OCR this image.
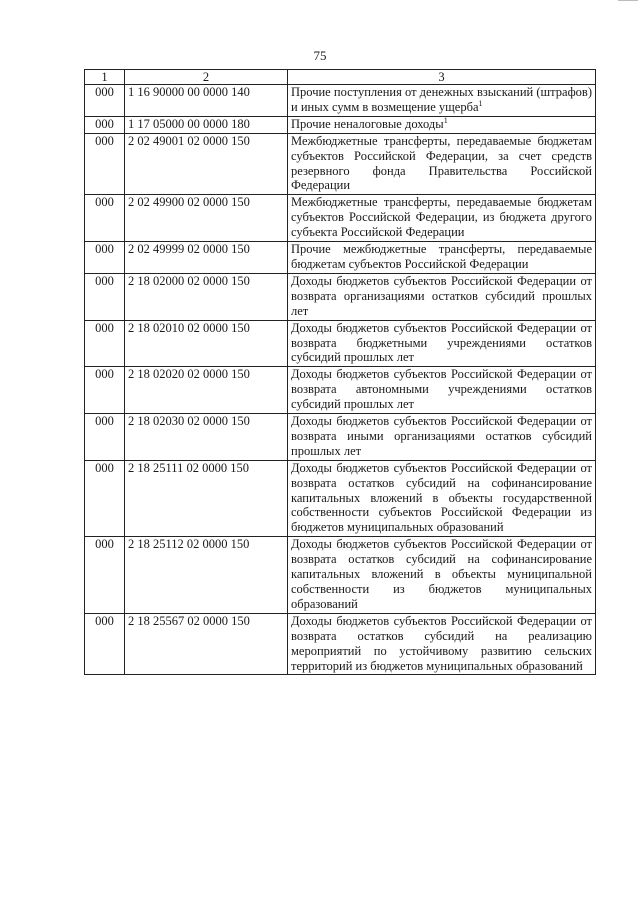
75
1	2	3
000	1 16 90000 00 0000 140	Прочие поступления от денежных взысканий (штрафов) и иных сумм в возмещение ущерба$^1$
000	1 17 05000 00 0000 180	Прочие неналоговые доходы$^1$
000	2 02 49001 02 0000 150	Межбюджетные трансферты, передаваемые бюджетам субъектов Российской Федерации, за счет средств резервного фонда Правительства Российской Федерации
000	2 02 49900 02 0000 150	Межбюджетные трансферты, передаваемые бюджетам субъектов Российской Федерации, из бюджета другого субъекта Российской Федерации
000	2 02 49999 02 0000 150	Прочие межбюджетные трансферты, передаваемые бюджетам субъектов Российской Федерации
000	2 18 02000 02 0000 150	Доходы бюджетов субъектов Российской Федерации от возврата организациями остатков субсидий прошлых лет
000	2 18 02010 02 0000 150	Доходы бюджетов субъектов Российской Федерации от возврата бюджетными учреждениями остатков субсидий прошлых лет
000	2 18 02020 02 0000 150	Доходы бюджетов субъектов Российской Федерации от возврата автономными учреждениями остатков субсидий прошлых лет
000	2 18 02030 02 0000 150	Доходы бюджетов субъектов Российской Федерации от возврата иными организациями остатков субсидий прошлых лет
000	2 18 25111 02 0000 150	Доходы бюджетов субъектов Российской Федерации от возврата остатков субсидий на софинансирование капитальных вложений в объекты государственной собственности субъектов Российской Федерации из бюджетов муниципальных образований
000	2 18 25112 02 0000 150	Доходы бюджетов субъектов Российской Федерации от возврата остатков субсидий на софинансирование капитальных вложений в объекты муниципальной собственности из бюджетов муниципальных образований
000	2 18 25567 02 0000 150	Доходы бюджетов субъектов Российской Федерации от возврата остатков субсидий на реализацию мероприятий по устойчивому развитию сельских территорий из бюджетов муниципальных образований
